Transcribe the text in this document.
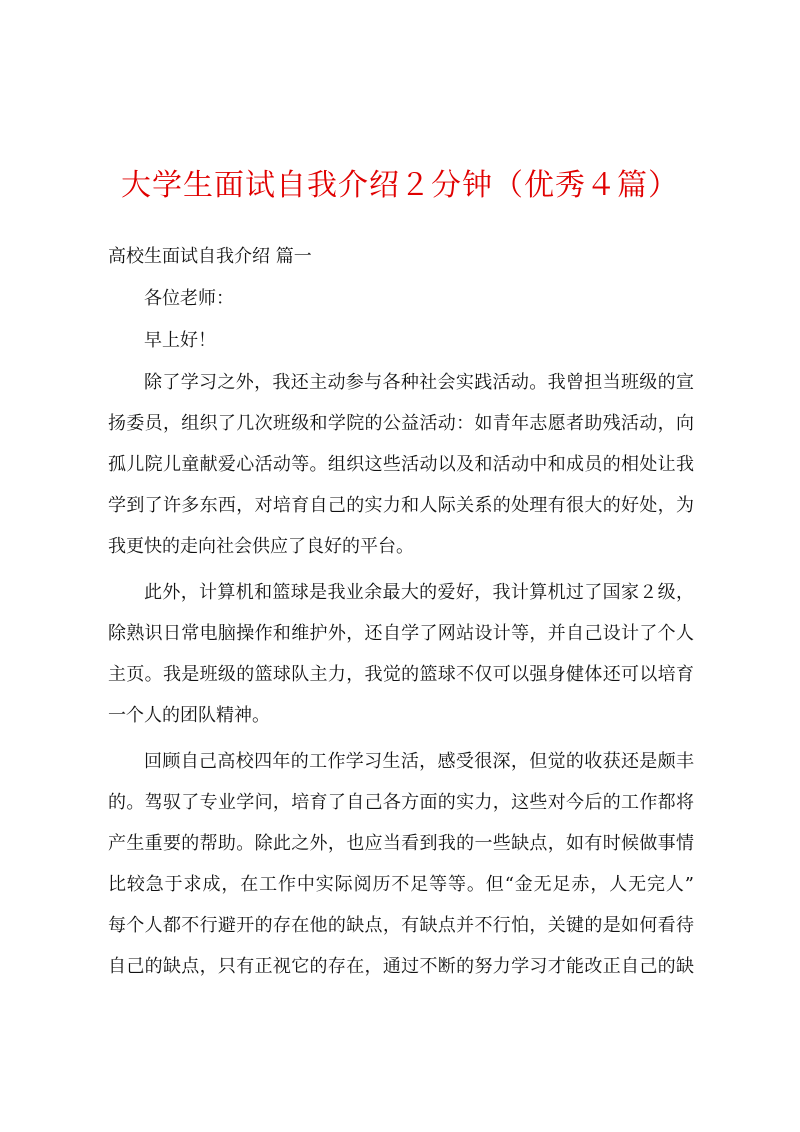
大学生面试自我介绍２分钟（优秀４篇）

高校生面试自我介绍 篇一

各位老师：

早上好！

除了学习之外，我还主动参与各种社会实践活动。我曾担当班级的宣

扬委员，组织了几次班级和学院的公益活动：如青年志愿者助残活动，向

孤儿院儿童献爱心活动等。组织这些活动以及和活动中和成员的相处让我

学到了许多东西，对培育自己的实力和人际关系的处理有很大的好处，为

我更快的走向社会供应了良好的平台。

此外，计算机和篮球是我业余最大的爱好，我计算机过了国家２级，

除熟识日常电脑操作和维护外，还自学了网站设计等，并自己设计了个人

主页。我是班级的篮球队主力，我觉的篮球不仅可以强身健体还可以培育

一个人的团队精神。

回顾自己高校四年的工作学习生活，感受很深，但觉的收获还是颇丰

的。驾驭了专业学问，培育了自己各方面的实力，这些对今后的工作都将

产生重要的帮助。除此之外，也应当看到我的一些缺点，如有时候做事情

比较急于求成，在工作中实际阅历不足等等。但“金无足赤，人无完人”

每个人都不行避开的存在他的缺点，有缺点并不行怕，关键的是如何看待

自己的缺点，只有正视它的存在，通过不断的努力学习才能改正自己的缺
